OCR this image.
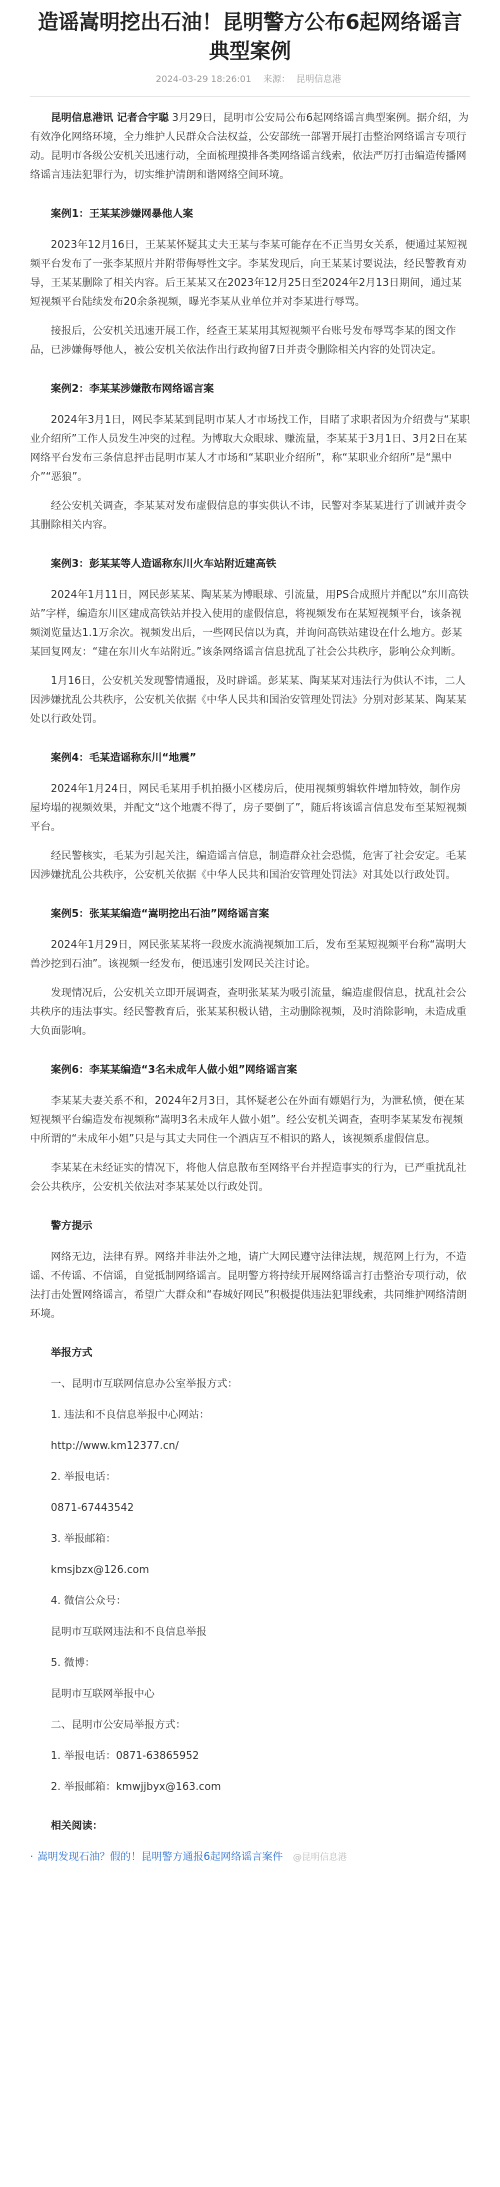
造谣嵩明挖出石油！昆明警方公布6起网络谣言典型案例
2024-03-29 18:26:01 来源： 昆明信息港

昆明信息港讯 记者合宇聪 3月29日，昆明市公安局公布6起网络谣言典型案例。据介绍，为有效净化网络环境，全力维护人民群众合法权益，公安部统一部署开展打击整治网络谣言专项行动。昆明市各级公安机关迅速行动，全面梳理摸排各类网络谣言线索，依法严厉打击编造传播网络谣言违法犯罪行为，切实维护清朗和谐网络空间环境。

案例1：王某某涉嫌网暴他人案

2023年12月16日，王某某怀疑其丈夫王某与李某可能存在不正当男女关系，便通过某短视频平台发布了一张李某照片并附带侮辱性文字。李某发现后，向王某某讨要说法，经民警教育劝导，王某某删除了相关内容。后王某某又在2023年12月25日至2024年2月13日期间，通过某短视频平台陆续发布20余条视频，曝光李某从业单位并对李某进行辱骂。

接报后，公安机关迅速开展工作，经查王某某用其短视频平台账号发布辱骂李某的图文作品，已涉嫌侮辱他人，被公安机关依法作出行政拘留7日并责令删除相关内容的处罚决定。

案例2：李某某涉嫌散布网络谣言案

2024年3月1日，网民李某某到昆明市某人才市场找工作，目睹了求职者因为介绍费与“某职业介绍所”工作人员发生冲突的过程。为博取大众眼球、赚流量，李某某于3月1日、3月2日在某网络平台发布三条信息抨击昆明市某人才市场和“某职业介绍所”，称“某职业介绍所”是“黑中介”“恶狼”。

经公安机关调查，李某某对发布虚假信息的事实供认不讳，民警对李某某进行了训诫并责令其删除相关内容。

案例3：彭某某等人造谣称东川火车站附近建高铁

2024年1月11日，网民彭某某、陶某某为博眼球、引流量，用PS合成照片并配以“东川高铁站”字样，编造东川区建成高铁站并投入使用的虚假信息，将视频发布在某短视频平台，该条视频浏览量达1.1万余次。视频发出后，一些网民信以为真，并询问高铁站建设在什么地方。彭某某回复网友：“建在东川火车站附近。”该条网络谣言信息扰乱了社会公共秩序，影响公众判断。

1月16日，公安机关发现警情通报，及时辟谣。彭某某、陶某某对违法行为供认不讳，二人因涉嫌扰乱公共秩序，公安机关依据《中华人民共和国治安管理处罚法》分别对彭某某、陶某某处以行政处罚。

案例4：毛某造谣称东川“地震”

2024年1月24日，网民毛某用手机拍摄小区楼房后，使用视频剪辑软件增加特效，制作房屋垮塌的视频效果，并配文“这个地震不得了，房子要倒了”，随后将该谣言信息发布至某短视频平台。

经民警核实，毛某为引起关注，编造谣言信息，制造群众社会恐慌，危害了社会安定。毛某因涉嫌扰乱公共秩序，公安机关依据《中华人民共和国治安管理处罚法》对其处以行政处罚。

案例5：张某某编造“嵩明挖出石油”网络谣言案

2024年1月29日，网民张某某将一段废水流淌视频加工后，发布至某短视频平台称“嵩明大兽沙挖到石油”。该视频一经发布，便迅速引发网民关注讨论。

发现情况后，公安机关立即开展调查，查明张某某为吸引流量，编造虚假信息，扰乱社会公共秩序的违法事实。经民警教育后，张某某积极认错，主动删除视频，及时消除影响，未造成重大负面影响。

案例6：李某某编造“3名未成年人做小姐”网络谣言案

李某某夫妻关系不和，2024年2月3日，其怀疑老公在外面有嫖娼行为，为泄私愤，便在某短视频平台编造发布视频称“嵩明3名未成年人做小姐”。经公安机关调查，查明李某某发布视频中所谓的“未成年小姐”只是与其丈夫同住一个酒店互不相识的路人，该视频系虚假信息。

李某某在未经证实的情况下，将他人信息散布至网络平台并捏造事实的行为，已严重扰乱社会公共秩序，公安机关依法对李某某处以行政处罚。

警方提示

网络无边，法律有界。网络并非法外之地，请广大网民遵守法律法规，规范网上行为，不造谣、不传谣、不信谣，自觉抵制网络谣言。昆明警方将持续开展网络谣言打击整治专项行动，依法打击处置网络谣言，希望广大群众和“春城好网民”积极提供违法犯罪线索，共同维护网络清朗环境。

举报方式

一、昆明市互联网信息办公室举报方式：

1. 违法和不良信息举报中心网站：

http://www.km12377.cn/

2. 举报电话：

0871-67443542

3. 举报邮箱：

kmsjbzx@126.com

4. 微信公众号：

昆明市互联网违法和不良信息举报

5. 微博：

昆明市互联网举报中心

二、昆明市公安局举报方式：

1. 举报电话：0871-63865952

2. 举报邮箱：kmwjjbyx@163.com

相关阅读：
· 嵩明发现石油？假的！昆明警方通报6起网络谣言案件 @昆明信息港
